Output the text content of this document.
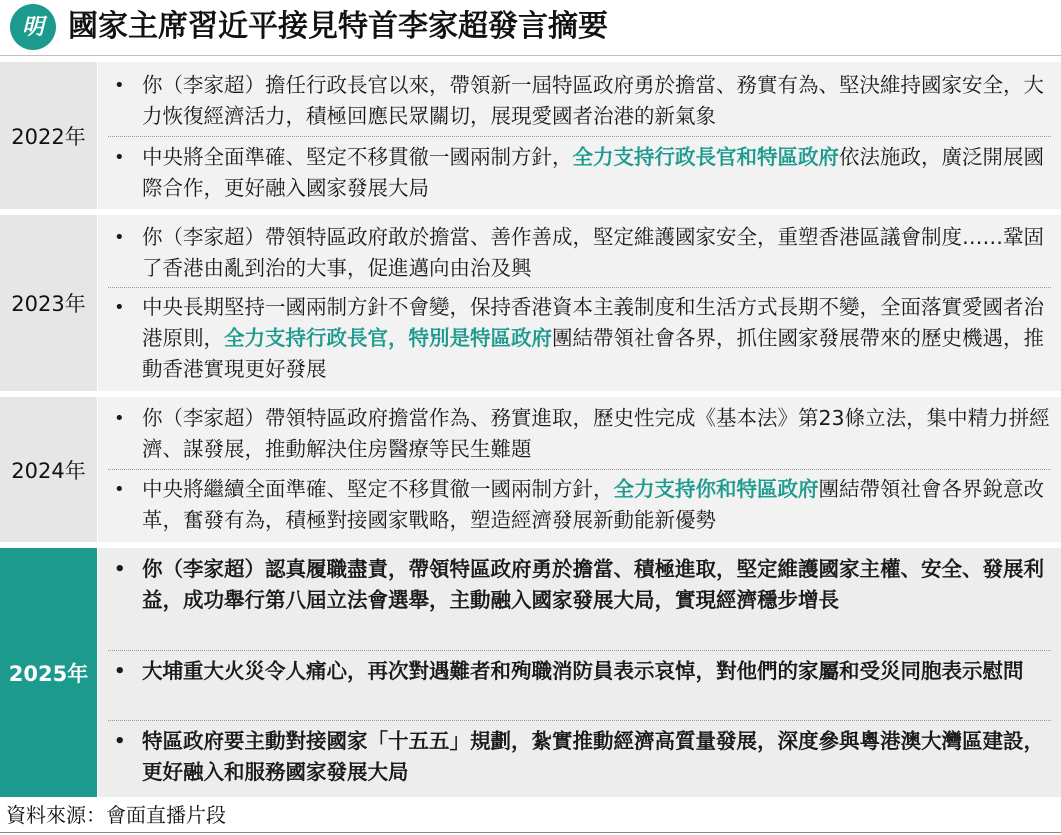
明 國家主席習近平接見特首李家超發言摘要
2022年
• 你（李家超）擔任行政長官以來，帶領新一屆特區政府勇於擔當、務實有為、堅決維持國家安全，大力恢復經濟活力，積極回應民眾關切，展現愛國者治港的新氣象
• 中央將全面準確、堅定不移貫徹一國兩制方針，全力支持行政長官和特區政府依法施政，廣泛開展國際合作，更好融入國家發展大局
2023年
• 你（李家超）帶領特區政府敢於擔當、善作善成，堅定維護國家安全，重塑香港區議會制度……鞏固了香港由亂到治的大事，促進邁向由治及興
• 中央長期堅持一國兩制方針不會變，保持香港資本主義制度和生活方式長期不變，全面落實愛國者治港原則，全力支持行政長官，特別是特區政府團結帶領社會各界，抓住國家發展帶來的歷史機遇，推動香港實現更好發展
2024年
• 你（李家超）帶領特區政府擔當作為、務實進取，歷史性完成《基本法》第23條立法，集中精力拼經濟、謀發展，推動解決住房醫療等民生難題
• 中央將繼續全面準確、堅定不移貫徹一國兩制方針，全力支持你和特區政府團結帶領社會各界銳意改革，奮發有為，積極對接國家戰略，塑造經濟發展新動能新優勢
2025年
• 你（李家超）認真履職盡責，帶領特區政府勇於擔當、積極進取，堅定維護國家主權、安全、發展利益，成功舉行第八屆立法會選舉，主動融入國家發展大局，實現經濟穩步增長
• 大埔重大火災令人痛心，再次對遇難者和殉職消防員表示哀悼，對他們的家屬和受災同胞表示慰問
• 特區政府要主動對接國家「十五五」規劃，紮實推動經濟高質量發展，深度參與粵港澳大灣區建設，更好融入和服務國家發展大局
資料來源：會面直播片段
